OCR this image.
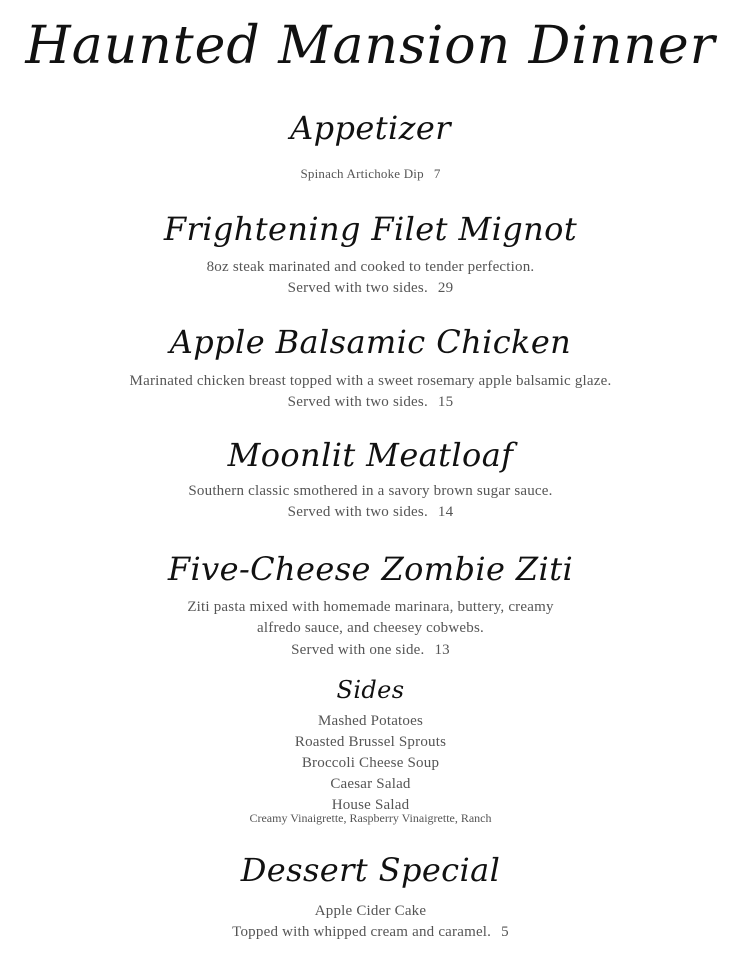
Haunted Mansion Dinner
Appetizer
Spinach Artichoke Dip 7
Frightening Filet Mignot
8oz steak marinated and cooked to tender perfection.
Served with two sides. 29
Apple Balsamic Chicken
Marinated chicken breast topped with a sweet rosemary apple balsamic glaze.
Served with two sides. 15
Moonlit Meatloaf
Southern classic smothered in a savory brown sugar sauce.
Served with two sides. 14
Five-Cheese Zombie Ziti
Ziti pasta mixed with homemade marinara, buttery, creamy
alfredo sauce, and cheesey cobwebs.
Served with one side. 13
Sides
Mashed Potatoes
Roasted Brussel Sprouts
Broccoli Cheese Soup
Caesar Salad
House Salad
Creamy Vinaigrette, Raspberry Vinaigrette, Ranch
Dessert Special
Apple Cider Cake
Topped with whipped cream and caramel. 5
